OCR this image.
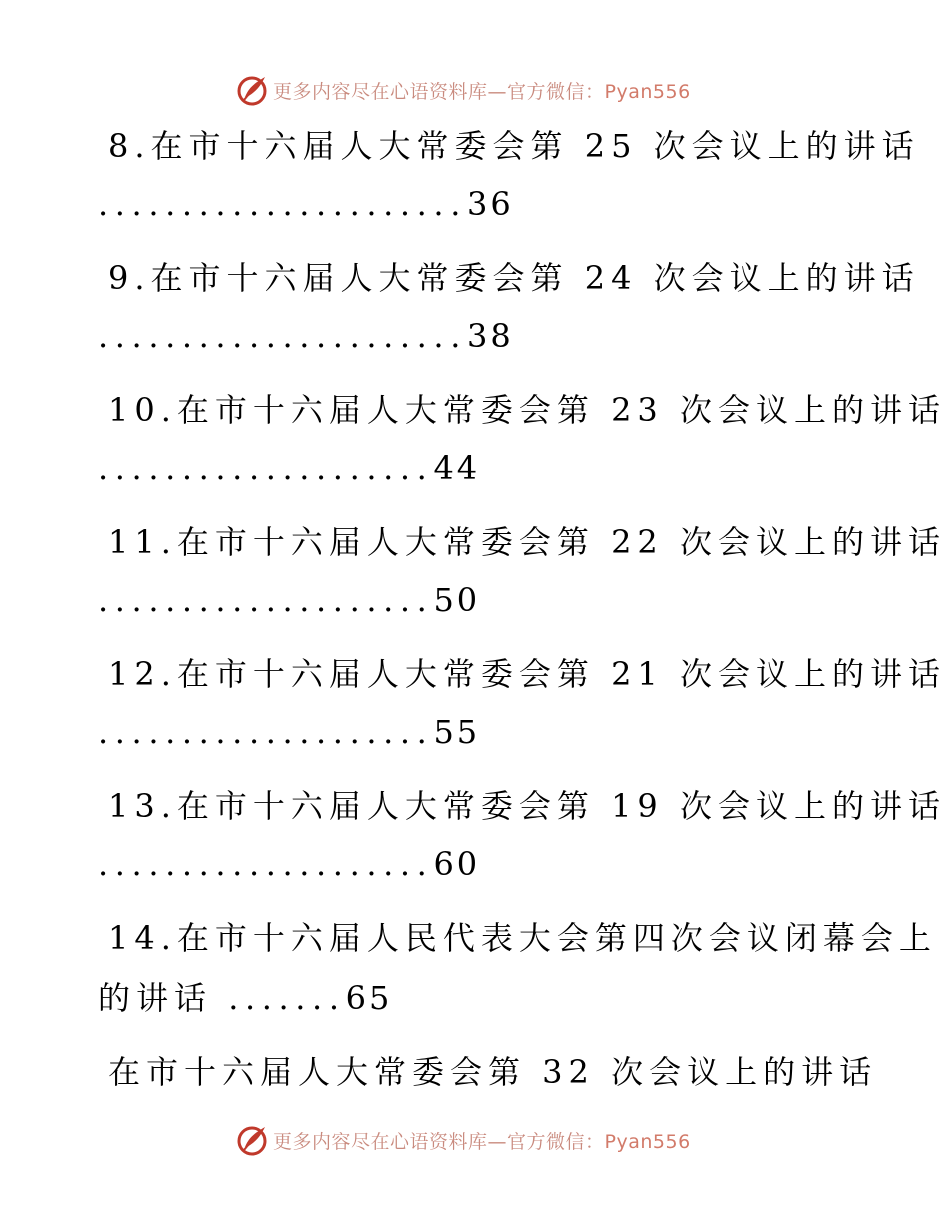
更多内容尽在心语资料库—官方微信：Pyan556
8.在市十六届人大常委会第 25 次会议上的讲话
......................36
9.在市十六届人大常委会第 24 次会议上的讲话
......................38
10.在市十六届人大常委会第 23 次会议上的讲话
....................44
11.在市十六届人大常委会第 22 次会议上的讲话
....................50
12.在市十六届人大常委会第 21 次会议上的讲话
....................55
13.在市十六届人大常委会第 19 次会议上的讲话
....................60
14.在市十六届人民代表大会第四次会议闭幕会上
的讲话 .......65
在市十六届人大常委会第 32 次会议上的讲话
更多内容尽在心语资料库—官方微信：Pyan556
